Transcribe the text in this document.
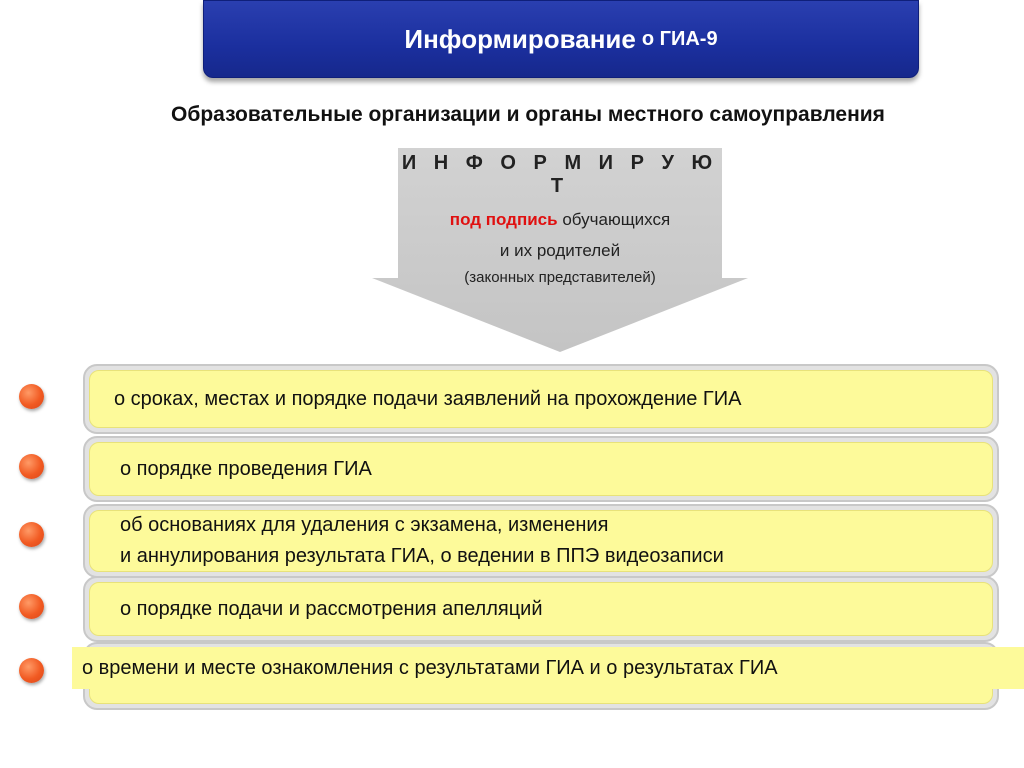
Информирование о ГИА-9
Образовательные организации и органы местного самоуправления
И Н Ф О Р М И Р У Ю Т
под подпись обучающихся
и их родителей
(законных представителей)
о сроках, местах и порядке подачи заявлений на прохождение ГИА
о порядке проведения ГИА
об основаниях для удаления с экзамена, изменения
и аннулирования результата ГИА, о ведении в ППЭ видеозаписи
о порядке подачи и рассмотрения апелляций
о времени и месте ознакомления с результатами ГИА и о результатах ГИА
